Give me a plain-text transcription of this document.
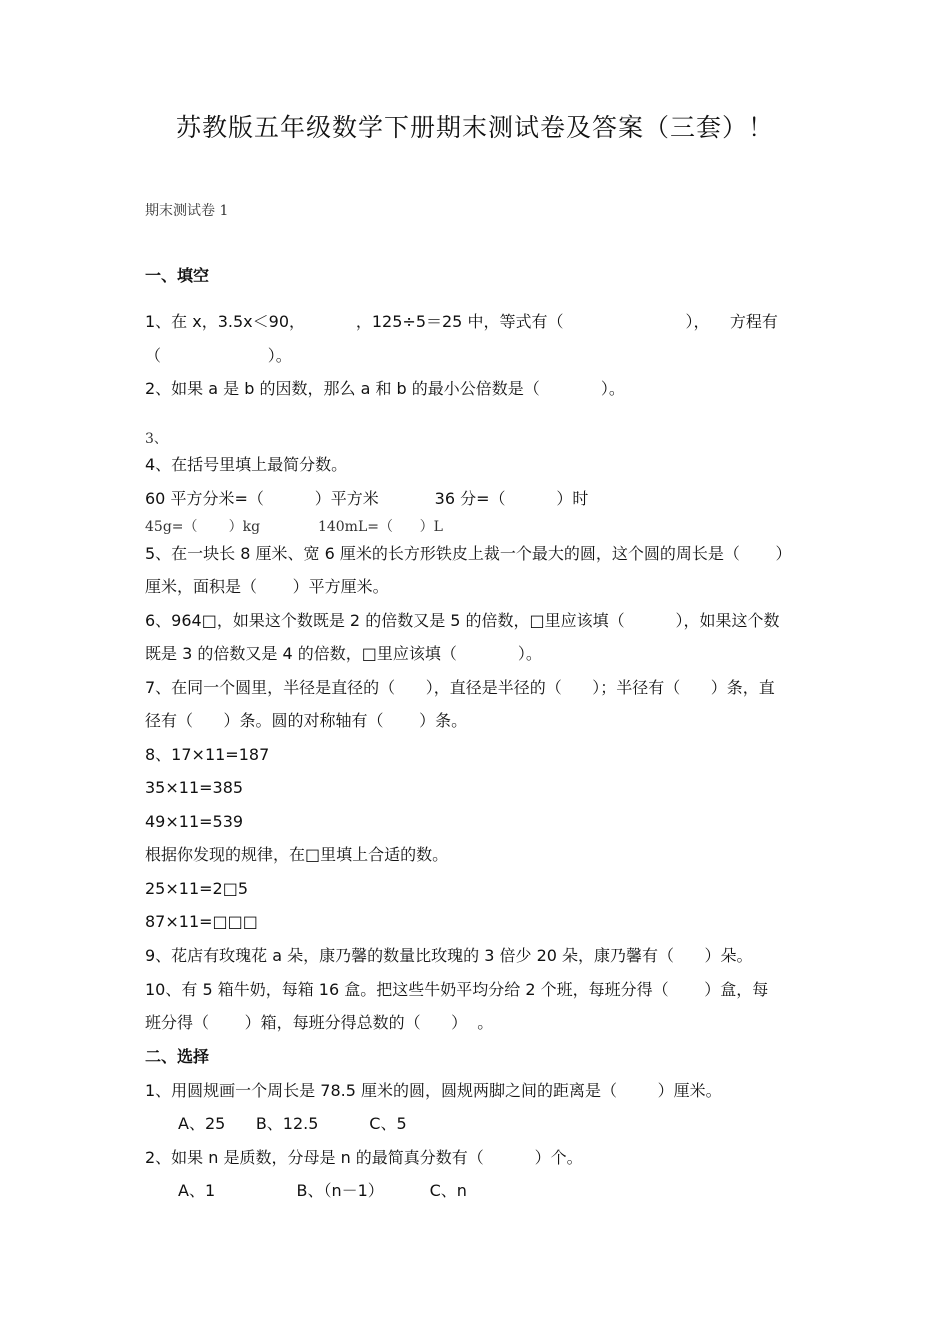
苏教版五年级数学下册期末测试卷及答案（三套）！
期末测试卷 1
一、填空
1、在 x，3.5x＜90，          ，125÷5＝25 中，等式有（                        ），    方程有
（                     ）。
2、如果 a 是 b 的因数，那么 a 和 b 的最小公倍数是（            ）。
3、
4、在括号里填上最简分数。
60 平方分米=（          ）平方米           36 分=（          ）时
45g=（       ）kg             140mL=（      ）L
5、在一块长 8 厘米、宽 6 厘米的长方形铁皮上裁一个最大的圆，这个圆的周长是（       ）
厘米，面积是（       ）平方厘米。
6、964□，如果这个数既是 2 的倍数又是 5 的倍数，□里应该填（          ），如果这个数
既是 3 的倍数又是 4 的倍数，□里应该填（            ）。
7、在同一个圆里，半径是直径的（      ），直径是半径的（      ）；半径有（      ）条，直
径有（      ）条。圆的对称轴有（       ）条。
8、17×11=187
35×11=385
49×11=539
根据你发现的规律，在□里填上合适的数。
25×11=2□5
87×11=□□□
9、花店有玫瑰花 a 朵，康乃馨的数量比玫瑰的 3 倍少 20 朵，康乃馨有（      ）朵。
10、有 5 箱牛奶，每箱 16 盒。把这些牛奶平均分给 2 个班，每班分得（       ）盒，每
班分得（       ）箱，每班分得总数的（      ）  。
二、选择
1、用圆规画一个周长是 78.5 厘米的圆，圆规两脚之间的距离是（        ）厘米。
A、25      B、12.5          C、5
2、如果 n 是质数，分母是 n 的最简真分数有（          ）个。
A、1                B、（n－1）         C、n
